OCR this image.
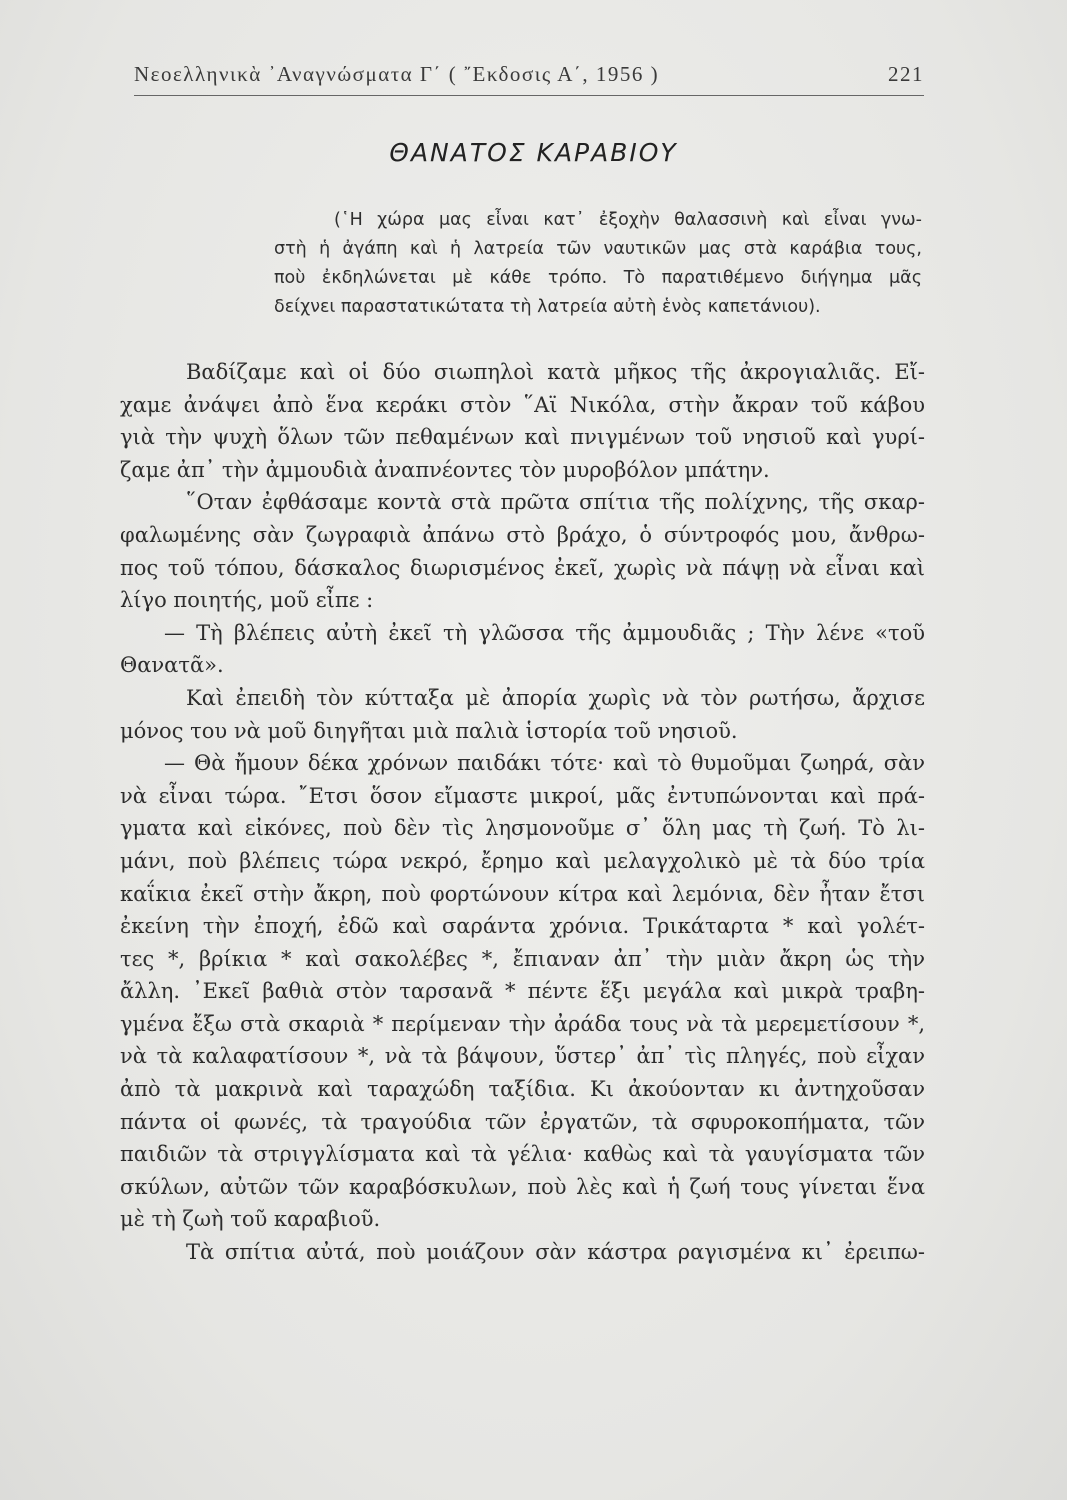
Νεοελληνικὰ ᾿Αναγνώσματα Γ΄ ( ῎Εκδοσις Α΄, 1956 )	221
ΘΑΝΑΤΟΣ ΚΑΡΑΒΙΟΥ
(῾Η χώρα μας εἶναι κατ᾿ ἐξοχὴν θαλασσινὴ καὶ εἶναι γνω-
στὴ ἡ ἀγάπη καὶ ἡ λατρεία τῶν ναυτικῶν μας στὰ καράβια τους,
ποὺ ἐκδηλώνεται μὲ κάθε τρόπο. Τὸ παρατιθέμενο διήγημα μᾶς
δείχνει παραστατικώτατα τὴ λατρεία αὐτὴ ἑνὸς καπετάνιου).
Βαδίζαμε καὶ οἱ δύο σιωπηλοὶ κατὰ μῆκος τῆς ἀκρογιαλιᾶς. Εἴ-
χαμε ἀνάψει ἀπὸ ἕνα κεράκι στὸν ῞Αϊ Νικόλα, στὴν ἄκραν τοῦ κάβου
γιὰ τὴν ψυχὴ ὅλων τῶν πεθαμένων καὶ πνιγμένων τοῦ νησιοῦ καὶ γυρί-
ζαμε ἀπ᾿ τὴν ἀμμουδιὰ ἀναπνέοντες τὸν μυροβόλον μπάτην.
῞Οταν ἐφθάσαμε κοντὰ στὰ πρῶτα σπίτια τῆς πολίχνης, τῆς σκαρ-
φαλωμένης σὰν ζωγραφιὰ ἀπάνω στὸ βράχο, ὁ σύντροφός μου, ἄνθρω-
πος τοῦ τόπου, δάσκαλος διωρισμένος ἐκεῖ, χωρὶς νὰ πάψῃ νὰ εἶναι καὶ
λίγο ποιητής, μοῦ εἶπε :
— Τὴ βλέπεις αὐτὴ ἐκεῖ τὴ γλῶσσα τῆς ἀμμουδιᾶς ; Τὴν λένε «τοῦ
Θανατᾶ».
Καὶ ἐπειδὴ τὸν κύτταξα μὲ ἀπορία χωρὶς νὰ τὸν ρωτήσω, ἄρχισε
μόνος του νὰ μοῦ διηγῆται μιὰ παλιὰ ἱστορία τοῦ νησιοῦ.
— Θὰ ἤμουν δέκα χρόνων παιδάκι τότε· καὶ τὸ θυμοῦμαι ζωηρά, σὰν
νὰ εἶναι τώρα. ῎Ετσι ὅσον εἴμαστε μικροί, μᾶς ἐντυπώνονται καὶ πρά-
γματα καὶ εἰκόνες, ποὺ δὲν τὶς λησμονοῦμε σ᾿ ὅλη μας τὴ ζωή. Τὸ λι-
μάνι, ποὺ βλέπεις τώρα νεκρό, ἔρημο καὶ μελαγχολικὸ μὲ τὰ δύο τρία
καΐκια ἐκεῖ στὴν ἄκρη, ποὺ φορτώνουν κίτρα καὶ λεμόνια, δὲν ἦταν ἔτσι
ἐκείνη τὴν ἐποχή, ἐδῶ καὶ σαράντα χρόνια. Τρικάταρτα * καὶ γολέτ-
τες *, βρίκια * καὶ σακολέβες *, ἔπιαναν ἀπ᾿ τὴν μιὰν ἄκρη ὡς τὴν
ἄλλη. ᾿Εκεῖ βαθιὰ στὸν ταρσανᾶ * πέντε ἕξι μεγάλα καὶ μικρὰ τραβη-
γμένα ἔξω στὰ σκαριὰ * περίμεναν τὴν ἀράδα τους νὰ τὰ μερεμετίσουν *,
νὰ τὰ καλαφατίσουν *, νὰ τὰ βάψουν, ὕστερ᾿ ἀπ᾿ τὶς πληγές, ποὺ εἶχαν
ἀπὸ τὰ μακρινὰ καὶ ταραχώδη ταξίδια. Κι ἀκούονταν κι ἀντηχοῦσαν
πάντα οἱ φωνές, τὰ τραγούδια τῶν ἐργατῶν, τὰ σφυροκοπήματα, τῶν
παιδιῶν τὰ στριγγλίσματα καὶ τὰ γέλια· καθὼς καὶ τὰ γαυγίσματα τῶν
σκύλων, αὐτῶν τῶν καραβόσκυλων, ποὺ λὲς καὶ ἡ ζωή τους γίνεται ἕνα
μὲ τὴ ζωὴ τοῦ καραβιοῦ.
Τὰ σπίτια αὐτά, ποὺ μοιάζουν σὰν κάστρα ραγισμένα κι᾿ ἐρειπω-
